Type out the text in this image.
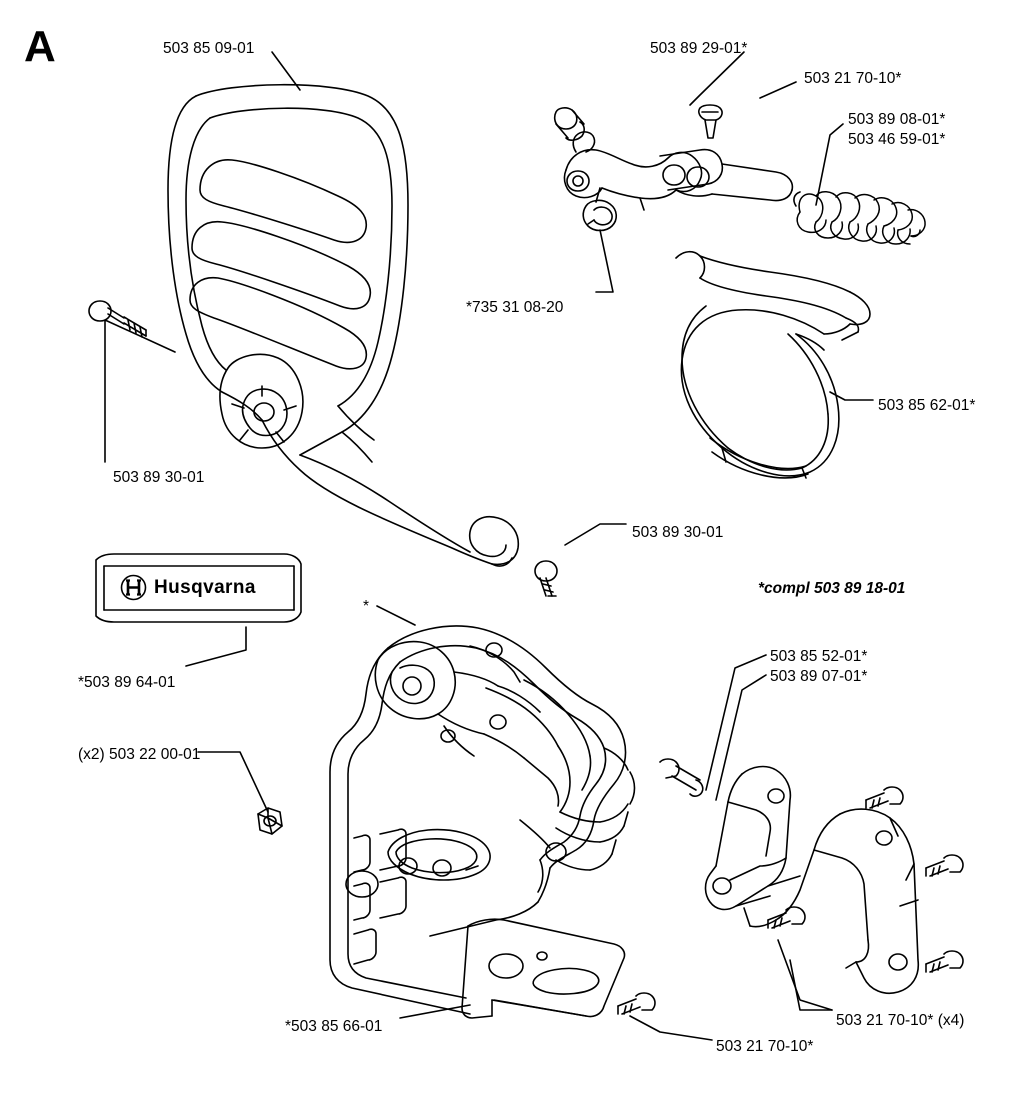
A
Husqvarna
503 85 09-01	503 89 29-01*
503 21 70-10*
503 89 08-01*
503 46 59-01*
*735 31 08-20
503 85 62-01*
503 89 30-01
503 89 30-01
*compl 503 89 18-01
*
503 85 52-01*
503 89 07-01*
*503 89 64-01
(x2) 503 22 00-01
503 21 70-10* (x4)
*503 85 66-01
503 21 70-10*
